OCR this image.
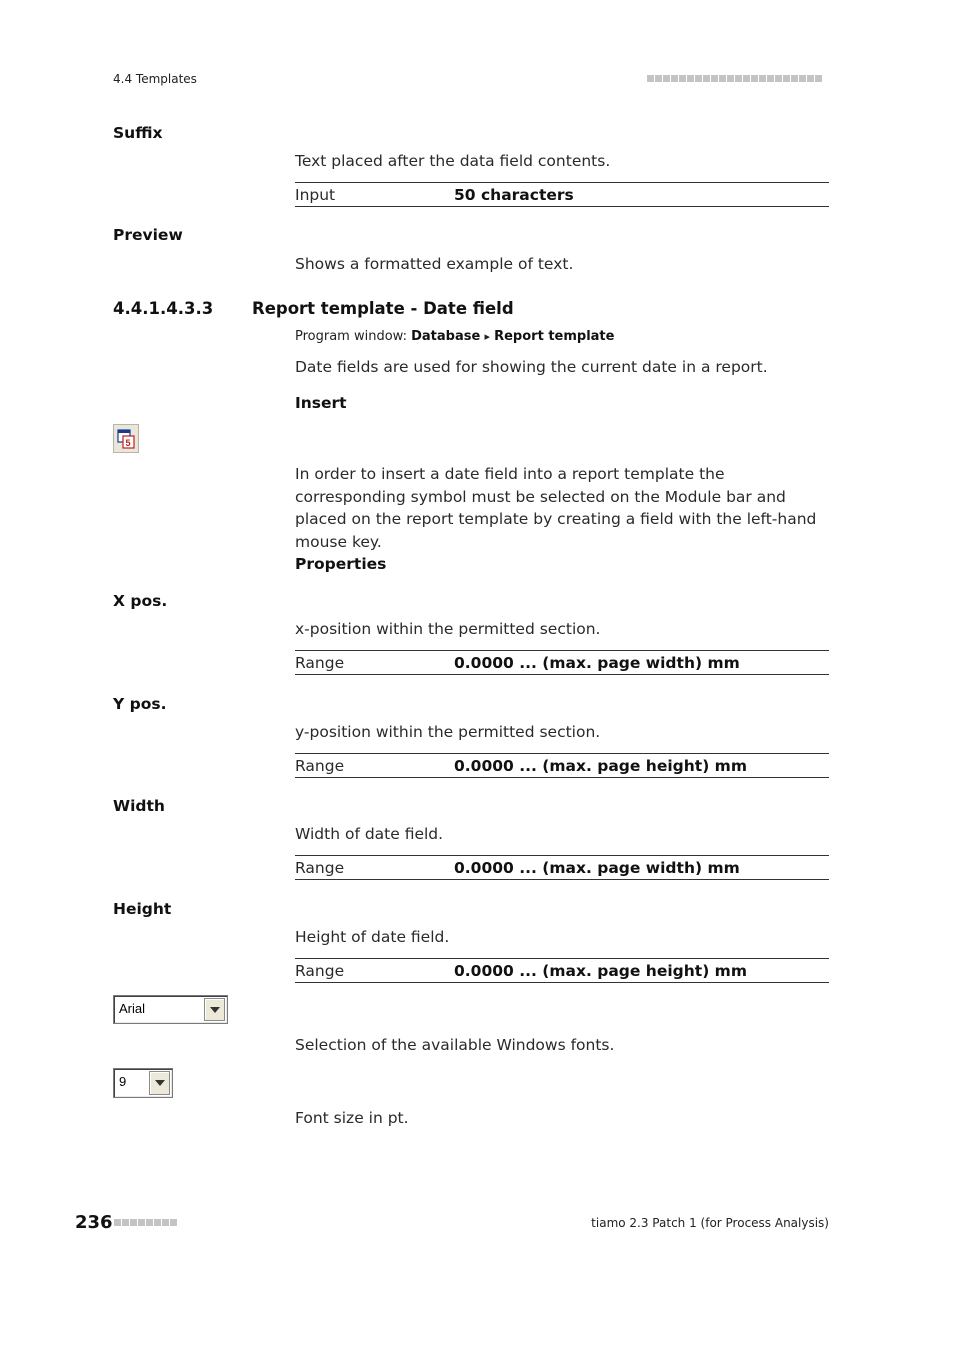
4.4 Templates
Suffix
Text placed after the data field contents.
Input	50 characters
Preview
Shows a formatted example of text.
4.4.1.4.3.3 Report template - Date field
Program window: Database ▸ Report template
Date fields are used for showing the current date in a report.
Insert
5
In order to insert a date field into a report template the corresponding symbol must be selected on the Module bar and placed on the report template by creating a field with the left-hand mouse key.
Properties
X pos.
x-position within the permitted section.
Range	0.0000 ... (max. page width) mm
Y pos.
y-position within the permitted section.
Range	0.0000 ... (max. page height) mm
Width
Width of date field.
Range	0.0000 ... (max. page width) mm
Height
Height of date field.
Range	0.0000 ... (max. page height) mm
Arial
Selection of the available Windows fonts.
9
Font size in pt.
236	tiamo 2.3 Patch 1 (for Process Analysis)
